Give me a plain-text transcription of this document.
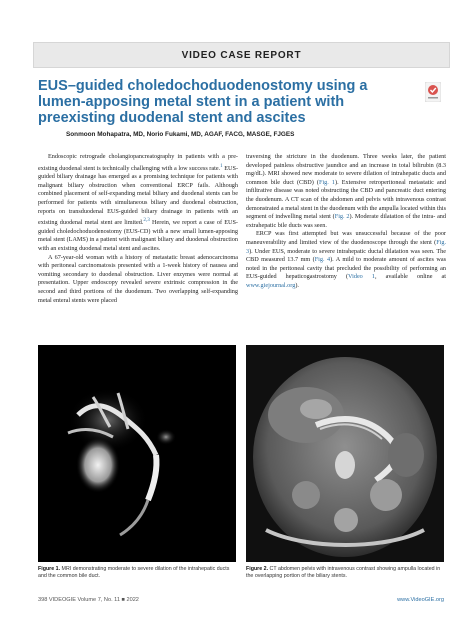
VIDEO CASE REPORT
EUS–guided choledochoduodenostomy using a lumen-apposing metal stent in a patient with preexisting duodenal stent and ascites
Sonmoon Mohapatra, MD, Norio Fukami, MD, AGAF, FACG, MASGE, FJGES

Endoscopic retrograde cholangiopancreatography in patients with a pre-existing duodenal stent is technically challenging with a low success rate.$^1$ EUS-guided biliary drainage has emerged as a promising technique for patients with malignant biliary obstruction when conventional ERCP fails. Although combined placement of self-expanding metal biliary and duodenal stents can be performed for patients with simultaneous biliary and duodenal obstruction, reports on transduodenal EUS-guided biliary drainage in patients with an existing duodenal metal stent are limited.$^{2,3}$ Herein, we report a case of EUS-guided choledochoduodenostomy (EUS-CD) with a new small lumen-apposing metal stent (LAMS) in a patient with malignant biliary and duodenal obstruction with an existing duodenal metal stent and ascites.

A 67-year-old woman with a history of metastatic breast adenocarcinoma with peritoneal carcinomatosis presented with a 1-week history of nausea and vomiting secondary to duodenal obstruction. Liver enzymes were normal at presentation. Upper endoscopy revealed severe extrinsic compression in the second and third portions of the duodenum. Two overlapping self-expanding metal enteral stents were placed

traversing the stricture in the duodenum. Three weeks later, the patient developed painless obstructive jaundice and an increase in total bilirubin (8.3 mg/dL). MRI showed new moderate to severe dilation of intrahepatic ducts and common bile duct (CBD) (Fig. 1). Extensive retroperitoneal metastatic and infiltrative disease was noted obstructing the CBD and pancreatic duct entering the duodenum. A CT scan of the abdomen and pelvis with intravenous contrast demonstrated a metal stent in the duodenum with the ampulla located within this segment of indwelling metal stent (Fig. 2). Moderate dilatation of the intra- and extrahepatic bile ducts was seen.

ERCP was first attempted but was unsuccessful because of the poor maneuverability and limited view of the duodenoscope through the stent (Fig. 3). Under EUS, moderate to severe intrahepatic ductal dilatation was seen. The CBD measured 13.7 mm (Fig. 4). A mild to moderate amount of ascites was noted in the peritoneal cavity that precluded the possibility of performing an EUS-guided hepaticogastrostomy (Video 1, available online at www.giejournal.org).

Figure 1. MRI demonstrating moderate to severe dilation of the intrahepatic ducts and the common bile duct.
Figure 2. CT abdomen pelvis with intravenous contrast showing ampulla located in the overlapping portion of the biliary stents.
398 VIDEOGIE Volume 7, No. 11 ■ 2022	www.VideoGIE.org
